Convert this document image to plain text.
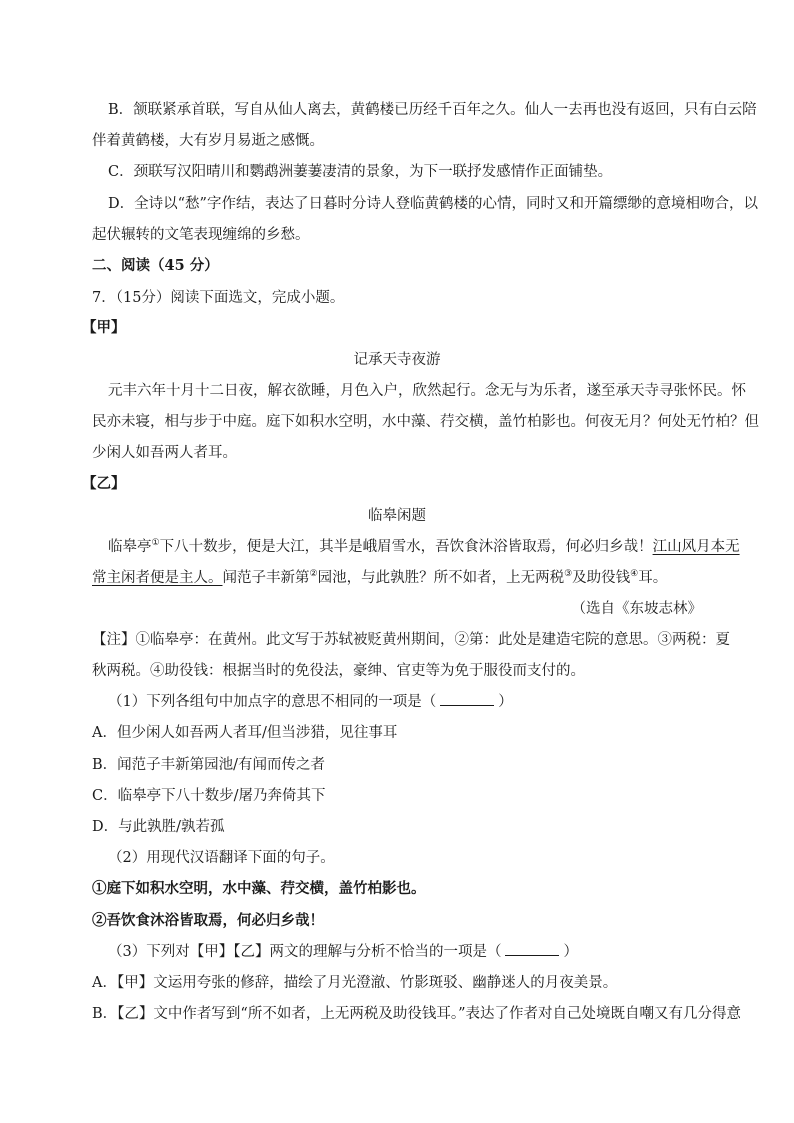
B．颔联紧承首联，写自从仙人离去，黄鹤楼已历经千百年之久。仙人一去再也没有返回，只有白云陪
伴着黄鹤楼，大有岁月易逝之感慨。
C．颈联写汉阳晴川和鹦鹉洲萋萋凄清的景象，为下一联抒发感情作正面铺垫。
D．全诗以“愁”字作结，表达了日暮时分诗人登临黄鹤楼的心情，同时又和开篇缥缈的意境相吻合，以
起伏辗转的文笔表现缠绵的乡愁。
二、阅读（45 分）
7．（15分）阅读下面选文，完成小题。
【甲】
记承天寺夜游
元丰六年十月十二日夜，解衣欲睡，月色入户，欣然起行。念无与为乐者，遂至承天寺寻张怀民。怀
民亦未寝，相与步于中庭。庭下如积水空明，水中藻、荇交横，盖竹柏影也。何夜无月？何处无竹柏？但
少闲人如吾两人者耳。
【乙】
临皋闲题
临皋亭①下八十数步，便是大江，其半是峨眉雪水，吾饮食沐浴皆取焉，何必归乡哉！江山风月本无
常主闲者便是主人。闻范子丰新第②园池，与此孰胜？所不如者，上无两税③及助役钱④耳。
（选自《东坡志林》
【注】①临皋亭：在黄州。此文写于苏轼被贬黄州期间，②第：此处是建造宅院的意思。③两税：夏
秋两税。④助役钱：根据当时的免役法，豪绅、官吏等为免于服役而支付的。
（1）下列各组句中加点字的意思不相同的一项是（	）
A．但少闲人如吾两人者耳/但当涉猎，见往事耳
B．闻范子丰新第园池/有闻而传之者
C．临皋亭下八十数步/屠乃奔倚其下
D．与此孰胜/孰若孤
（2）用现代汉语翻译下面的句子。
①庭下如积水空明，水中藻、荇交横，盖竹柏影也。
②吾饮食沐浴皆取焉，何必归乡哉！
（3）下列对【甲】【乙】两文的理解与分析不恰当的一项是（	）
A．【甲】文运用夸张的修辞，描绘了月光澄澈、竹影斑驳、幽静迷人的月夜美景。
B．【乙】文中作者写到“所不如者，上无两税及助役钱耳。”表达了作者对自己处境既自嘲又有几分得意
